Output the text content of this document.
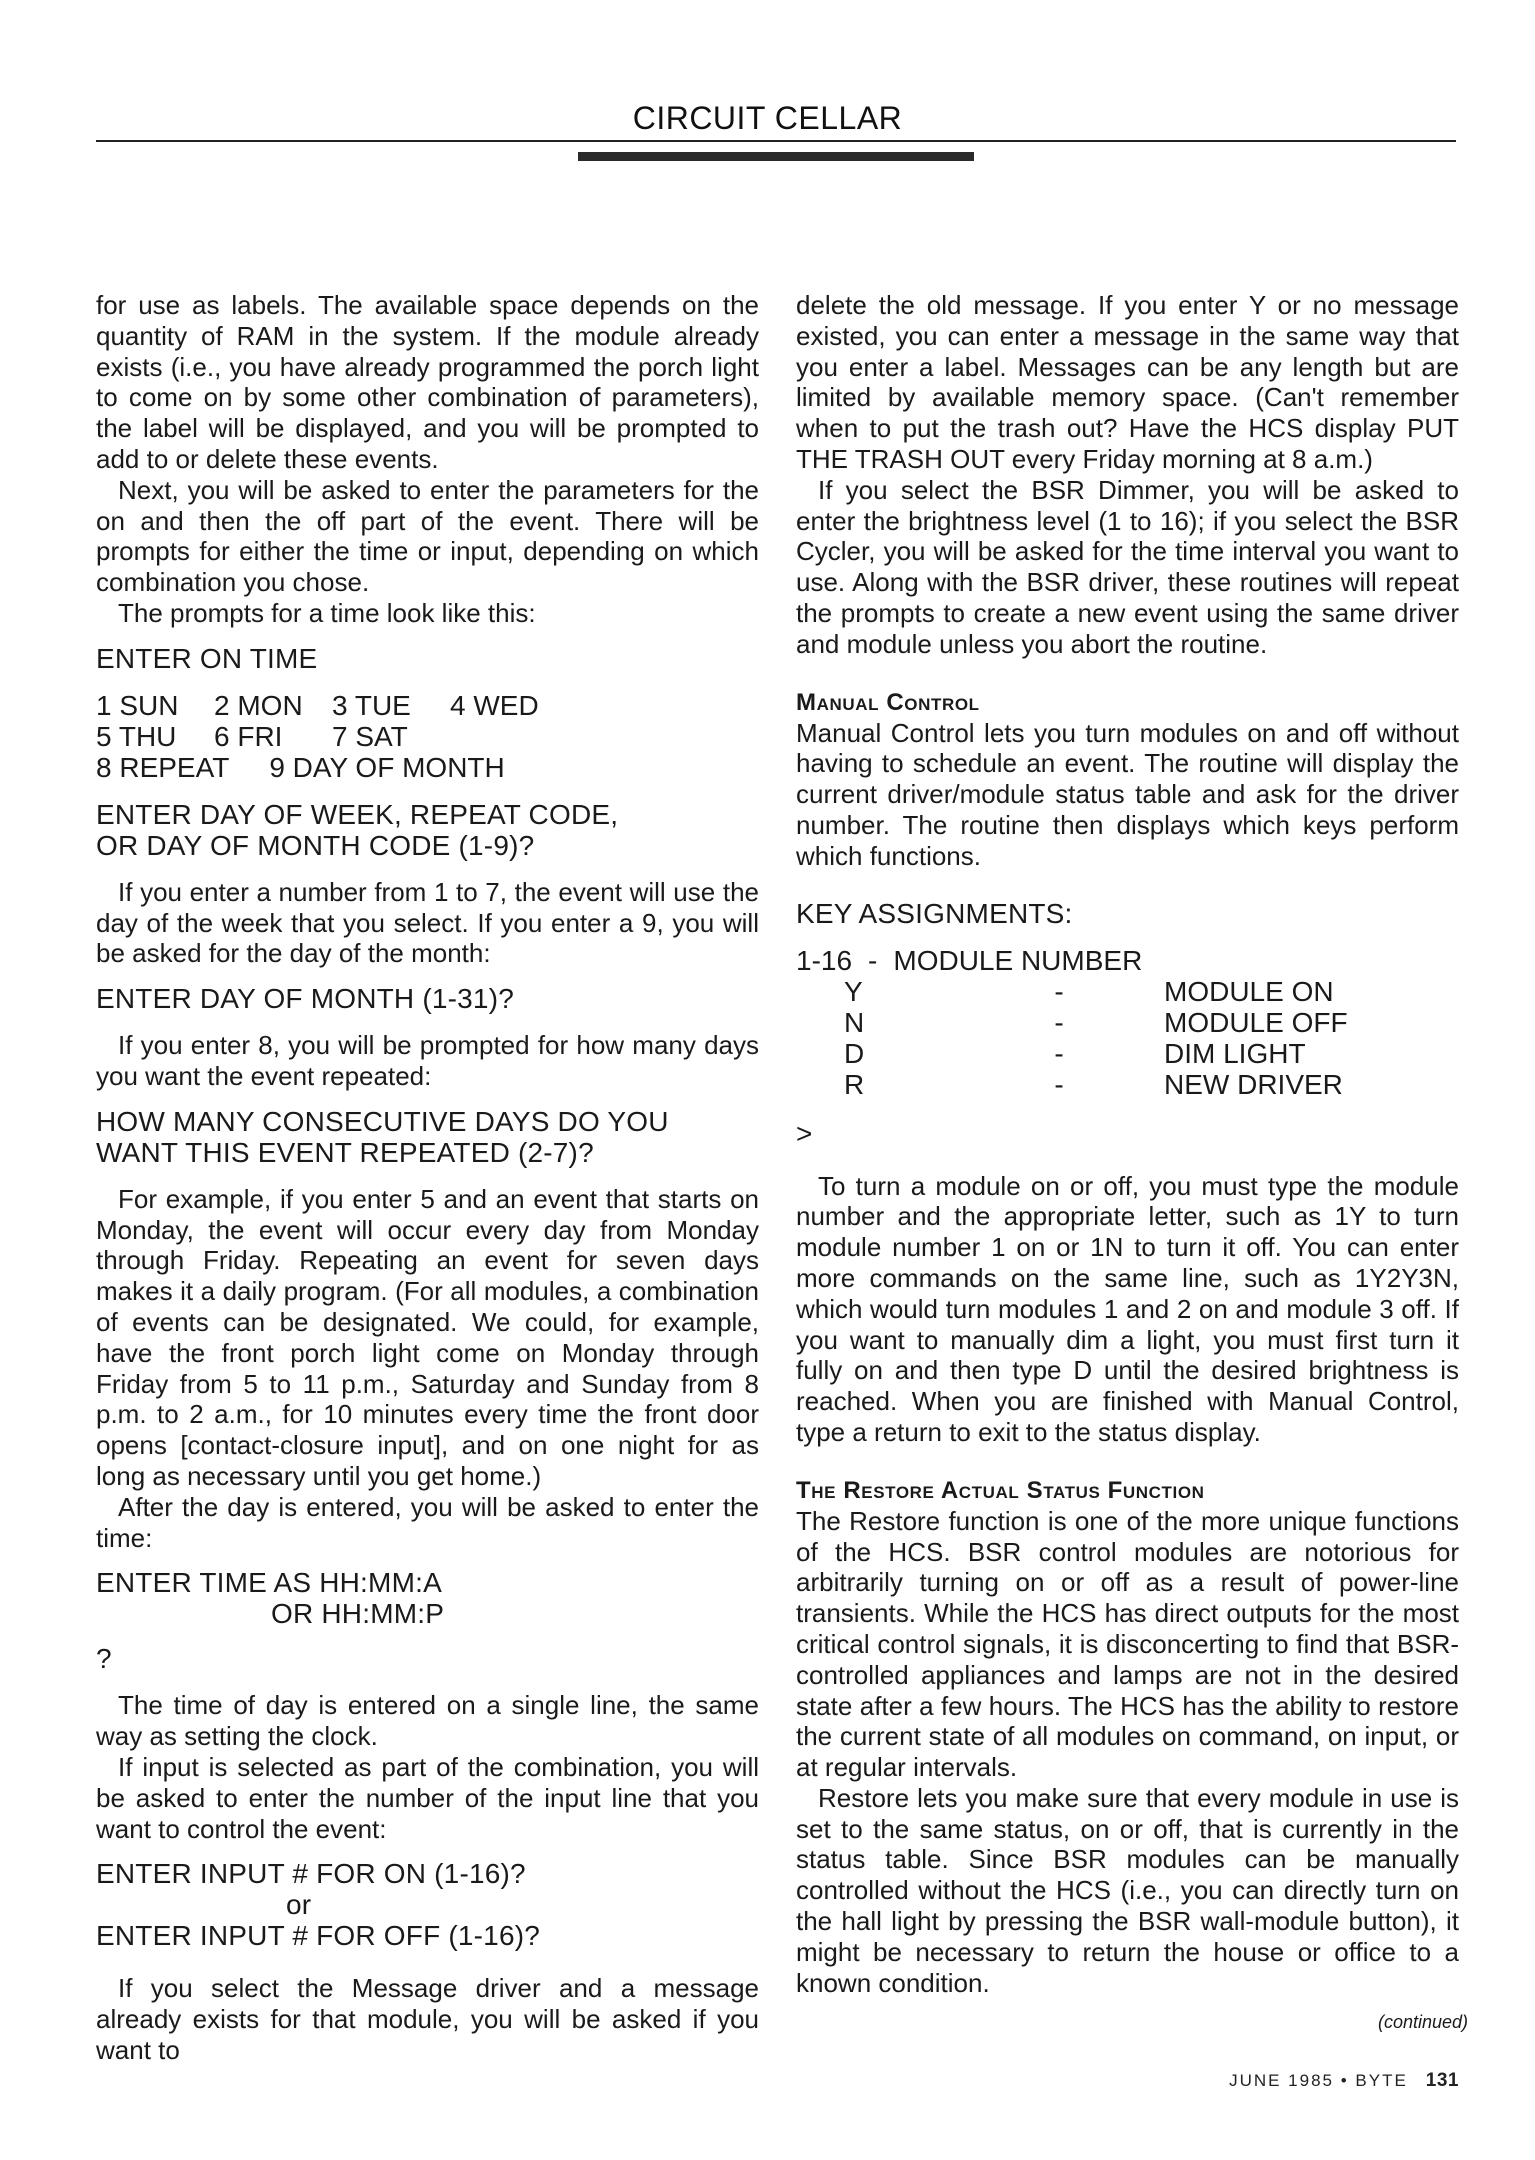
CIRCUIT CELLAR

for use as labels. The available space depends on the quantity of RAM in the system. If the module already exists (i.e., you have already programmed the porch light to come on by some other combination of parameters), the label will be displayed, and you will be prompted to add to or delete these events.

Next, you will be asked to enter the parameters for the on and then the off part of the event. There will be prompts for either the time or input, depending on which combination you chose.

The prompts for a time look like this:

ENTER ON TIME
1 SUN	2 MON	3 TUE	4 WED
5 THU	6 FRI	7 SAT
8 REPEAT 9 DAY OF MONTH
ENTER DAY OF WEEK, REPEAT CODE,
OR DAY OF MONTH CODE (1-9)?

If you enter a number from 1 to 7, the event will use the day of the week that you select. If you enter a 9, you will be asked for the day of the month:

ENTER DAY OF MONTH (1-31)?

If you enter 8, you will be prompted for how many days you want the event repeated:

HOW MANY CONSECUTIVE DAYS DO YOU
WANT THIS EVENT REPEATED (2-7)?

For example, if you enter 5 and an event that starts on Monday, the event will occur every day from Monday through Friday. Repeating an event for seven days makes it a daily program. (For all modules, a combination of events can be designated. We could, for example, have the front porch light come on Monday through Friday from 5 to 11 p.m., Saturday and Sunday from 8 p.m. to 2 a.m., for 10 minutes every time the front door opens [contact-closure input], and on one night for as long as necessary until you get home.)

After the day is entered, you will be asked to enter the time:

ENTER TIME AS HH:MM:A
OR HH:MM:P
?

The time of day is entered on a single line, the same way as setting the clock.

If input is selected as part of the combination, you will be asked to enter the number of the input line that you want to control the event:

ENTER INPUT # FOR ON (1-16)?
or
ENTER INPUT # FOR OFF (1-16)?

If you select the Message driver and a message already exists for that module, you will be asked if you want to

delete the old message. If you enter Y or no message existed, you can enter a message in the same way that you enter a label. Messages can be any length but are limited by available memory space. (Can't remember when to put the trash out? Have the HCS display PUT THE TRASH OUT every Friday morning at 8 a.m.)

If you select the BSR Dimmer, you will be asked to enter the brightness level (1 to 16); if you select the BSR Cycler, you will be asked for the time interval you want to use. Along with the BSR driver, these routines will repeat the prompts to create a new event using the same driver and module unless you abort the routine.

Manual Control

Manual Control lets you turn modules on and off without having to schedule an event. The routine will display the current driver/module status table and ask for the driver number. The routine then displays which keys perform which functions.

KEY ASSIGNMENTS:
1-16 - MODULE NUMBER
Y	-	MODULE ON
N	-	MODULE OFF
D	-	DIM LIGHT
R	-	NEW DRIVER
>

To turn a module on or off, you must type the module number and the appropriate letter, such as 1Y to turn module number 1 on or 1N to turn it off. You can enter more commands on the same line, such as 1Y2Y3N, which would turn modules 1 and 2 on and module 3 off. If you want to manually dim a light, you must first turn it fully on and then type D until the desired brightness is reached. When you are finished with Manual Control, type a return to exit to the status display.

The Restore Actual Status Function

The Restore function is one of the more unique functions of the HCS. BSR control modules are notorious for arbitrarily turning on or off as a result of power-line transients. While the HCS has direct outputs for the most critical control signals, it is disconcerting to find that BSR-controlled appliances and lamps are not in the desired state after a few hours. The HCS has the ability to restore the current state of all modules on command, on input, or at regular intervals.

Restore lets you make sure that every module in use is set to the same status, on or off, that is currently in the status table. Since BSR modules can be manually controlled without the HCS (i.e., you can directly turn on the hall light by pressing the BSR wall-module button), it might be necessary to return the house or office to a known condition.

(continued)
JUNE 1985 • BYTE 131
